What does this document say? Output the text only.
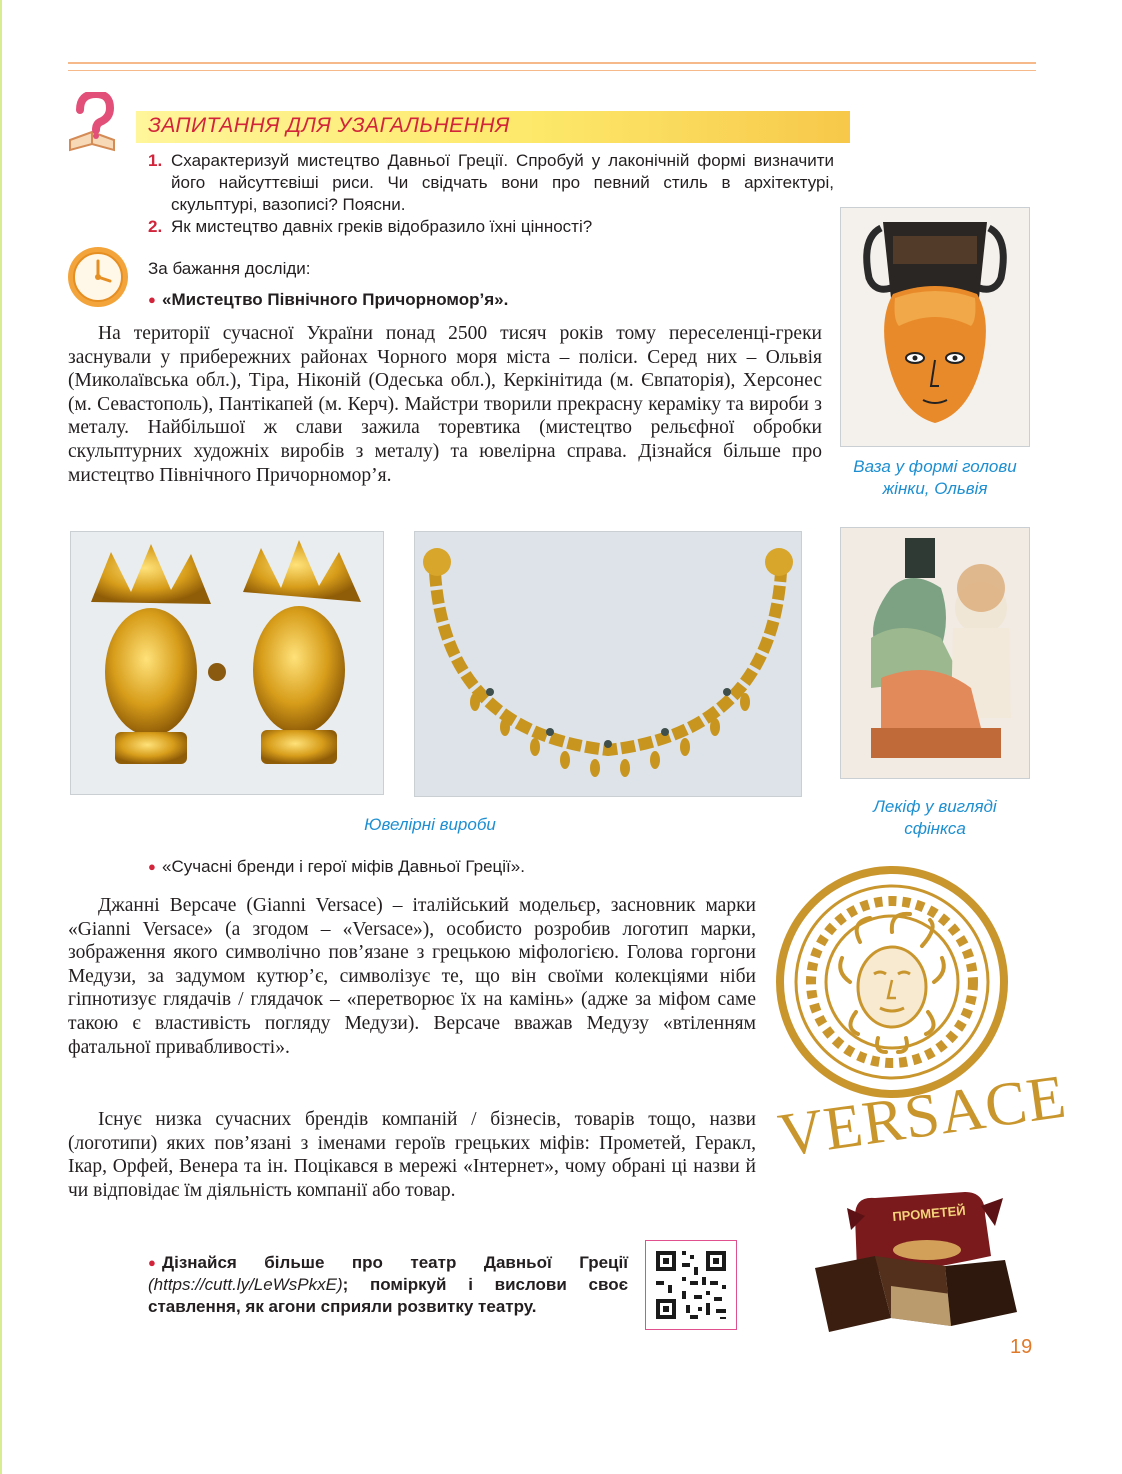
ЗАПИТАННЯ ДЛЯ УЗАГАЛЬНЕННЯ
1. Схарактеризуй мистецтво Давньої Греції. Спробуй у лаконічній формі визначити його найсуттєвіші риси. Чи свідчать вони про певний стиль в архітектурі, скульптурі, вазописі? Поясни.
2. Як мистецтво давніх греків відобразило їхні цінності?
За бажання досліди:
● «Мистецтво Північного Причорномор’я».
На території сучасної України понад 2500 тисяч років тому переселенці-греки заснували у прибережних районах Чорного моря міста – поліси. Серед них – Ольвія (Миколаївська обл.), Тіра, Ніконій (Одеська обл.), Керкінітида (м. Євпаторія), Херсонес (м. Севастополь), Пантікапей (м. Керч). Майстри творили прекрасну кераміку та вироби з металу. Найбільшої ж слави зажила торевтика (мистецтво рельєфної обробки скульптурних художніх виробів з металу) та ювелірна справа. Дізнайся більше про мистецтво Північного Причорномор’я.	Ваза у формі голови
жінки, Ольвія
Ювелірні вироби
Лекіф у вигляді
сфінкса
● «Сучасні бренди і герої міфів Давньої Греції».
Джанні Версаче (Gianni Versace) – італійський модельєр, засновник марки «Gianni Versace» (а згодом – «Versace»), особисто розробив логотип марки, зображення якого символічно пов’язане з грецькою міфологією. Голова горгони Медузи, за задумом кутюр’є, символізує те, що він своїми колекціями ніби гіпнотизує глядачів / глядачок – «перетворює їх на камінь» (адже за міфом саме такою є властивість погляду Медузи). Версаче вважав Медузу «втіленням фатальної привабливості».
Існує низка сучасних брендів компаній / бізнесів, товарів тощо, назви (логотипи) яких пов’язані з іменами героїв грецьких міфів: Прометей, Геракл, Ікар, Орфей, Венера та ін. Поцікався в мережі «Інтернет», чому обрані ці назви й чи відповідає їм діяльність компанії або товар.
VERSACE
● Дізнайся більше про театр Давньої Греції (https://cutt.ly/LeWsPkxE); поміркуй і вислови своє ставлення, як агони сприяли розвитку театру.
ПРОМЕТЕЙ
19
